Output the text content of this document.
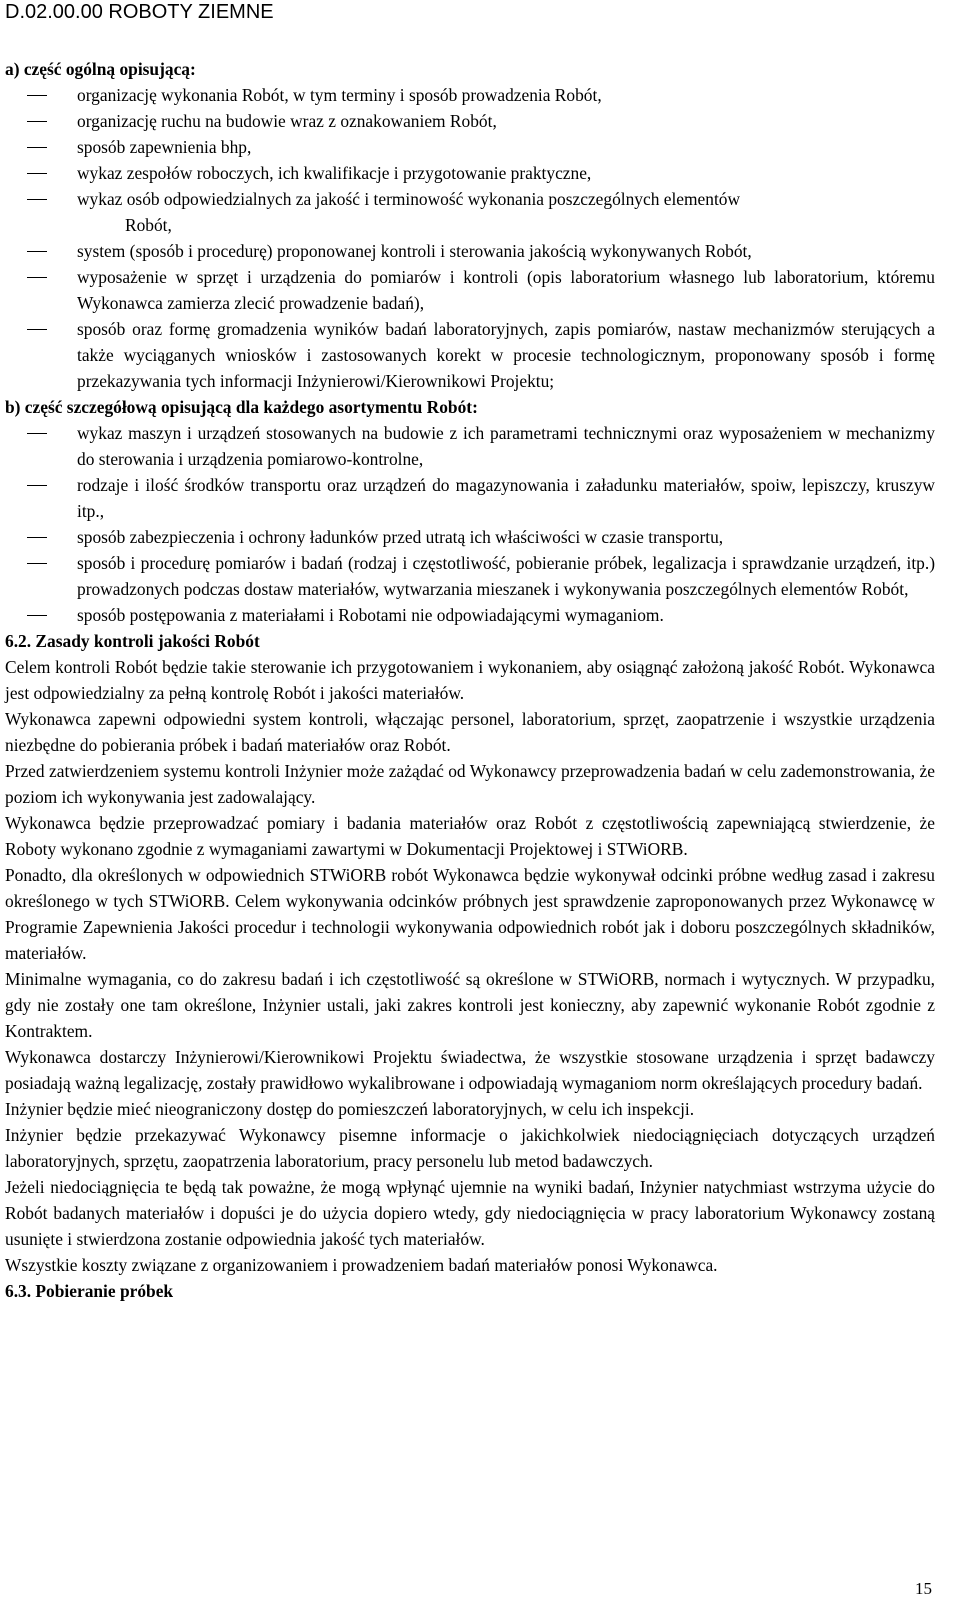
D.02.00.00 ROBOTY ZIEMNE

a) część ogólną opisującą:

organizację wykonania Robót, w tym terminy i sposób prowadzenia Robót,
organizację ruchu na budowie wraz z oznakowaniem Robót,
sposób zapewnienia bhp,
wykaz zespołów roboczych, ich kwalifikacje i przygotowanie praktyczne,
wykaz osób odpowiedzialnych za jakość i terminowość wykonania poszczególnych elementów
Robót,
system (sposób i procedurę) proponowanej kontroli i sterowania jakością wykonywanych Robót,
wyposażenie w sprzęt i urządzenia do pomiarów i kontroli (opis laboratorium własnego lub laboratorium, któremu Wykonawca zamierza zlecić prowadzenie badań),
sposób oraz formę gromadzenia wyników badań laboratoryjnych, zapis pomiarów, nastaw mechanizmów sterujących a także wyciąganych wniosków i zastosowanych korekt w procesie technologicznym, proponowany sposób i formę przekazywania tych informacji Inżynierowi/Kierownikowi Projektu;

b) część szczegółową opisującą dla każdego asortymentu Robót:

wykaz maszyn i urządzeń stosowanych na budowie z ich parametrami technicznymi oraz wyposażeniem w mechanizmy do sterowania i urządzenia pomiarowo-kontrolne,
rodzaje i ilość środków transportu oraz urządzeń do magazynowania i załadunku materiałów, spoiw, lepiszczy, kruszyw itp.,
sposób zabezpieczenia i ochrony ładunków przed utratą ich właściwości w czasie transportu,
sposób i procedurę pomiarów i badań (rodzaj i częstotliwość, pobieranie próbek, legalizacja i sprawdzanie urządzeń, itp.) prowadzonych podczas dostaw materiałów, wytwarzania mieszanek i wykonywania poszczególnych elementów Robót,
sposób postępowania z materiałami i Robotami nie odpowiadającymi wymaganiom.

6.2. Zasady kontroli jakości Robót

Celem kontroli Robót będzie takie sterowanie ich przygotowaniem i wykonaniem, aby osiągnąć założoną jakość Robót. Wykonawca jest odpowiedzialny za pełną kontrolę Robót i jakości materiałów.

Wykonawca zapewni odpowiedni system kontroli, włączając personel, laboratorium, sprzęt, zaopatrzenie i wszystkie urządzenia niezbędne do pobierania próbek i badań materiałów oraz Robót.

Przed zatwierdzeniem systemu kontroli Inżynier może zażądać od Wykonawcy przeprowadzenia badań w celu zademonstrowania, że poziom ich wykonywania jest zadowalający.

Wykonawca będzie przeprowadzać pomiary i badania materiałów oraz Robót z częstotliwością zapewniającą stwierdzenie, że Roboty wykonano zgodnie z wymaganiami zawartymi w Dokumentacji Projektowej i STWiORB.

Ponadto, dla określonych w odpowiednich STWiORB robót Wykonawca będzie wykonywał odcinki próbne według zasad i zakresu określonego w tych STWiORB. Celem wykonywania odcinków próbnych jest sprawdzenie zaproponowanych przez Wykonawcę w Programie Zapewnienia Jakości procedur i technologii wykonywania odpowiednich robót jak i doboru poszczególnych składników, materiałów.

Minimalne wymagania, co do zakresu badań i ich częstotliwość są określone w STWiORB, normach i wytycznych. W przypadku, gdy nie zostały one tam określone, Inżynier ustali, jaki zakres kontroli jest konieczny, aby zapewnić wykonanie Robót zgodnie z Kontraktem.

Wykonawca dostarczy Inżynierowi/Kierownikowi Projektu świadectwa, że wszystkie stosowane urządzenia i sprzęt badawczy posiadają ważną legalizację, zostały prawidłowo wykalibrowane i odpowiadają wymaganiom norm określających procedury badań.

Inżynier będzie mieć nieograniczony dostęp do pomieszczeń laboratoryjnych, w celu ich inspekcji.

Inżynier będzie przekazywać Wykonawcy pisemne informacje o jakichkolwiek niedociągnięciach dotyczących urządzeń laboratoryjnych, sprzętu, zaopatrzenia laboratorium, pracy personelu lub metod badawczych.

Jeżeli niedociągnięcia te będą tak poważne, że mogą wpłynąć ujemnie na wyniki badań, Inżynier natychmiast wstrzyma użycie do Robót badanych materiałów i dopuści je do użycia dopiero wtedy, gdy niedociągnięcia w pracy laboratorium Wykonawcy zostaną usunięte i stwierdzona zostanie odpowiednia jakość tych materiałów.

Wszystkie koszty związane z organizowaniem i prowadzeniem badań materiałów ponosi Wykonawca.

6.3. Pobieranie próbek

15
